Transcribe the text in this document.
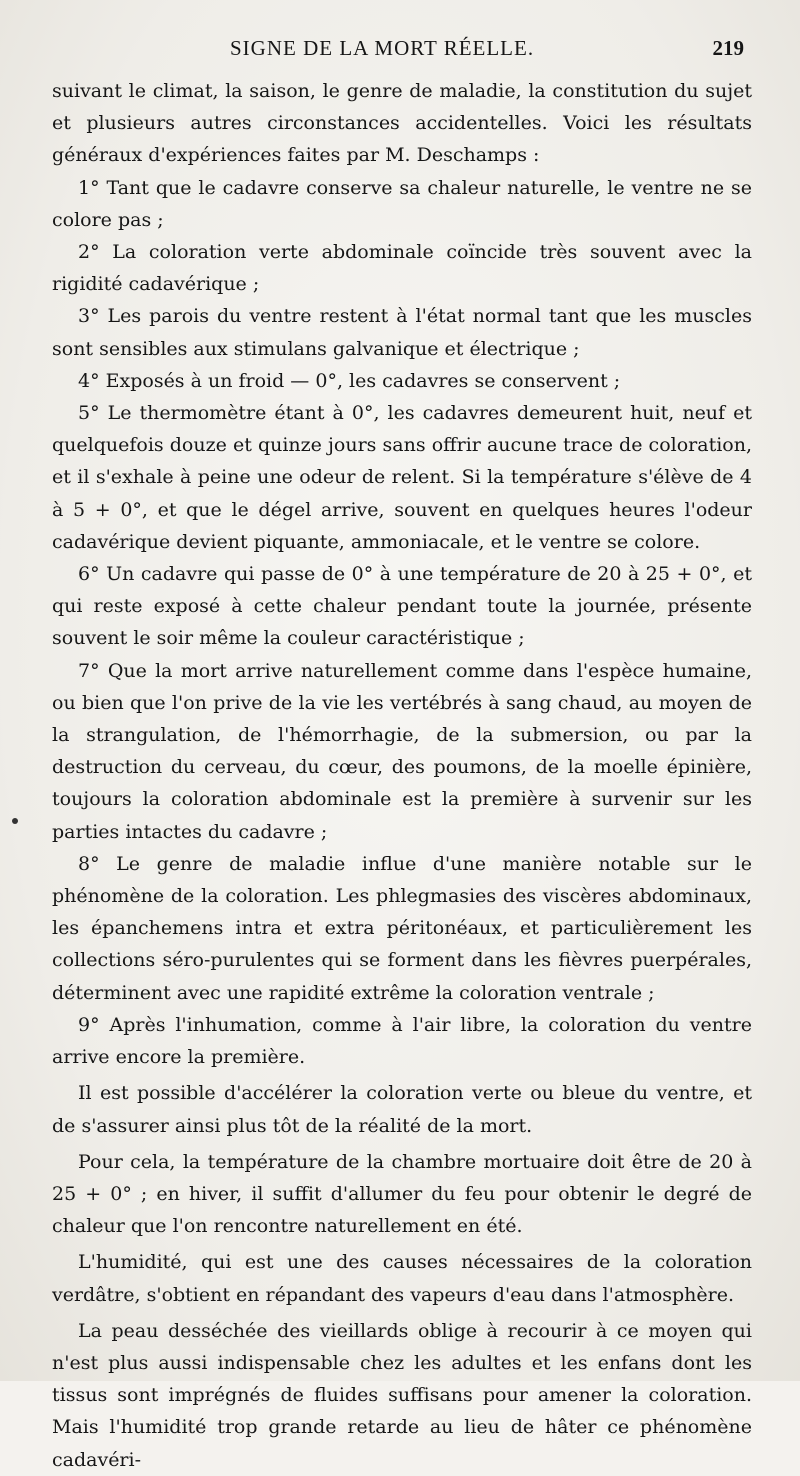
SIGNE DE LA MORT RÉELLE.	219

suivant le climat, la saison, le genre de maladie, la constitution du sujet et plusieurs autres circonstances accidentelles. Voici les résultats généraux d'expériences faites par M. Deschamps :

1° Tant que le cadavre conserve sa chaleur naturelle, le ventre ne se colore pas ;

2° La coloration verte abdominale coïncide très souvent avec la rigidité cadavérique ;

3° Les parois du ventre restent à l'état normal tant que les muscles sont sensibles aux stimulans galvanique et électrique ;

4° Exposés à un froid — 0°, les cadavres se conservent ;

5° Le thermomètre étant à 0°, les cadavres demeurent huit, neuf et quelquefois douze et quinze jours sans offrir aucune trace de coloration, et il s'exhale à peine une odeur de relent. Si la température s'élève de 4 à 5 + 0°, et que le dégel arrive, souvent en quelques heures l'odeur cadavérique devient piquante, ammoniacale, et le ventre se colore.

6° Un cadavre qui passe de 0° à une température de 20 à 25 + 0°, et qui reste exposé à cette chaleur pendant toute la journée, présente souvent le soir même la couleur caractéristique ;

7° Que la mort arrive naturellement comme dans l'espèce humaine, ou bien que l'on prive de la vie les vertébrés à sang chaud, au moyen de la strangulation, de l'hémorrhagie, de la submersion, ou par la destruction du cerveau, du cœur, des poumons, de la moelle épinière, toujours la coloration abdominale est la première à survenir sur les parties intactes du cadavre ;

8° Le genre de maladie influe d'une manière notable sur le phénomène de la coloration. Les phlegmasies des viscères abdominaux, les épanchemens intra et extra péritonéaux, et particulièrement les collections séro-purulentes qui se forment dans les fièvres puerpérales, déterminent avec une rapidité extrême la coloration ventrale ;

9° Après l'inhumation, comme à l'air libre, la coloration du ventre arrive encore la première.

Il est possible d'accélérer la coloration verte ou bleue du ventre, et de s'assurer ainsi plus tôt de la réalité de la mort.

Pour cela, la température de la chambre mortuaire doit être de 20 à 25 + 0° ; en hiver, il suffit d'allumer du feu pour obtenir le degré de chaleur que l'on rencontre naturellement en été.

L'humidité, qui est une des causes nécessaires de la coloration verdâtre, s'obtient en répandant des vapeurs d'eau dans l'atmosphère.

La peau desséchée des vieillards oblige à recourir à ce moyen qui n'est plus aussi indispensable chez les adultes et les enfans dont les tissus sont imprégnés de fluides suffisans pour amener la coloration. Mais l'humidité trop grande retarde au lieu de hâter ce phénomène cadavéri-
